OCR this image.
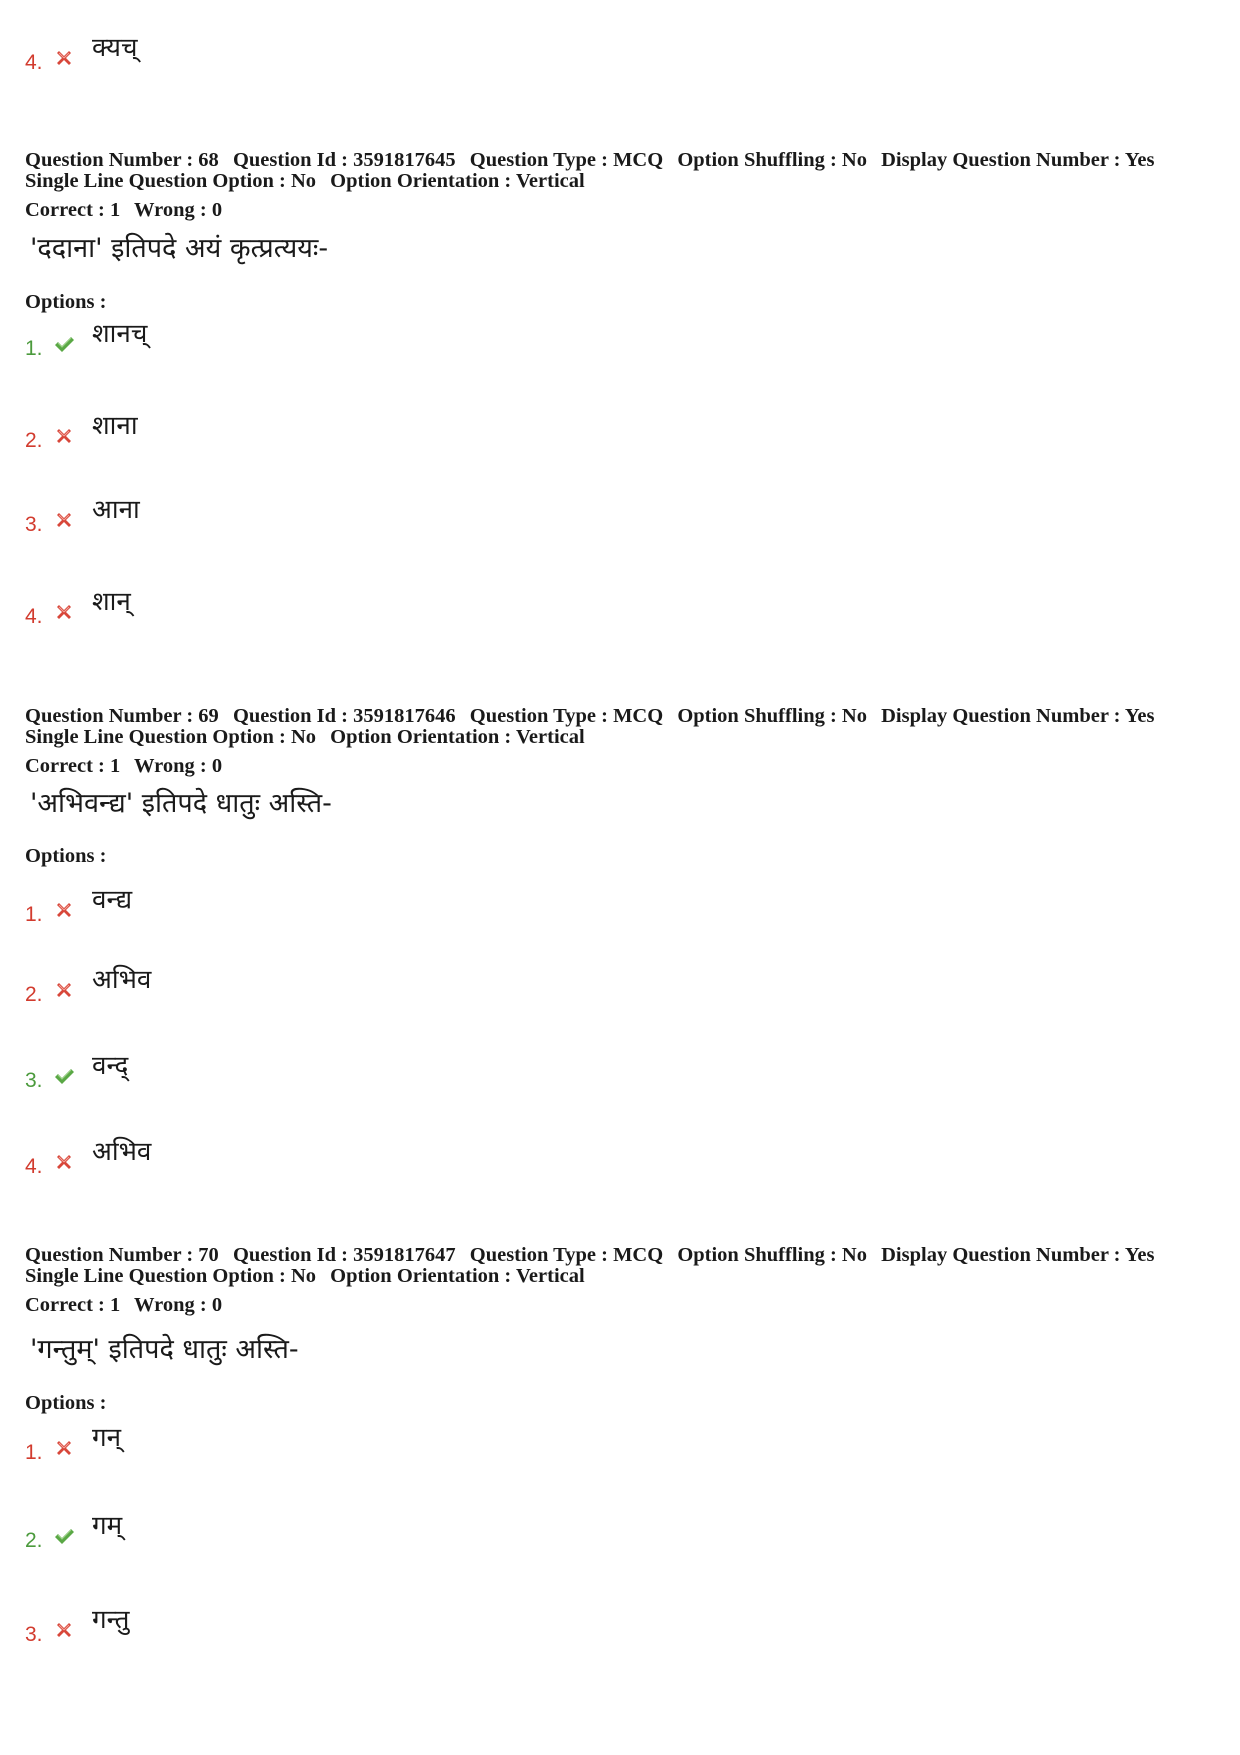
4. क्यच्
Question Number : 68 Question Id : 3591817645 Question Type : MCQ Option Shuffling : No Display Question Number : Yes
Single Line Question Option : No Option Orientation : Vertical
Correct : 1 Wrong : 0
'ददाना' इतिपदे अयं कृत्प्रत्ययः-
Options :
1. शानच्
2. शाना
3. आना
4. शान्
Question Number : 69 Question Id : 3591817646 Question Type : MCQ Option Shuffling : No Display Question Number : Yes
Single Line Question Option : No Option Orientation : Vertical
Correct : 1 Wrong : 0
'अभिवन्द्य' इतिपदे धातुः अस्ति-
Options :
1. वन्द्य
2. अभिव
3. वन्द्
4. अभिव
Question Number : 70 Question Id : 3591817647 Question Type : MCQ Option Shuffling : No Display Question Number : Yes
Single Line Question Option : No Option Orientation : Vertical
Correct : 1 Wrong : 0
'गन्तुम्' इतिपदे धातुः अस्ति-
Options :
1. गन्
2. गम्
3. गन्तु
